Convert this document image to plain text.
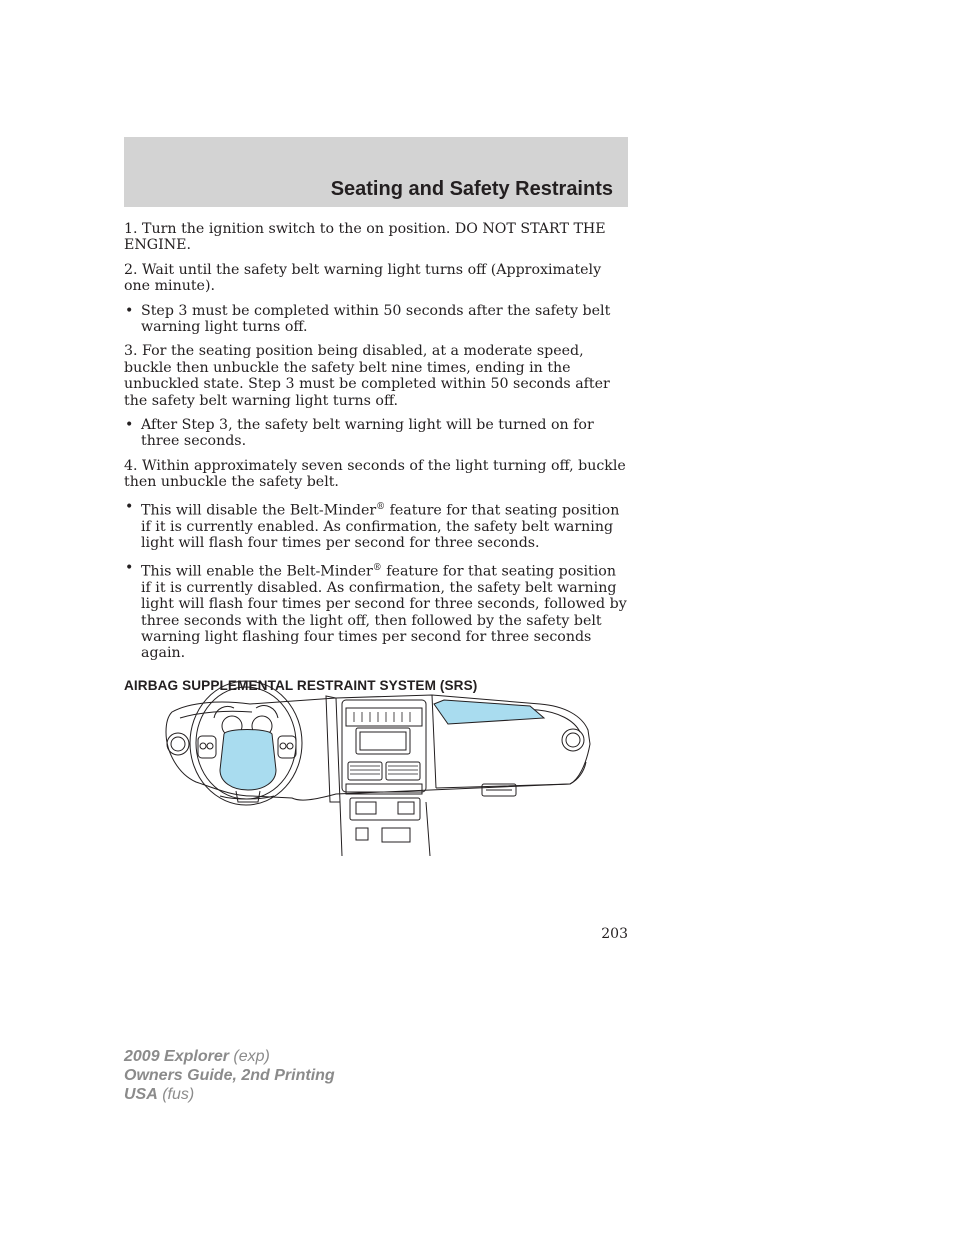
Seating and Safety Restraints

1. Turn the ignition switch to the on position. DO NOT START THE ENGINE.

2. Wait until the safety belt warning light turns off (Approximately one minute).

• Step 3 must be completed within 50 seconds after the safety belt warning light turns off.

3. For the seating position being disabled, at a moderate speed, buckle then unbuckle the safety belt nine times, ending in the unbuckled state. Step 3 must be completed within 50 seconds after the safety belt warning light turns off.

• After Step 3, the safety belt warning light will be turned on for three seconds.

4. Within approximately seven seconds of the light turning off, buckle then unbuckle the safety belt.

• This will disable the Belt-Minder® feature for that seating position if it is currently enabled. As confirmation, the safety belt warning light will flash four times per second for three seconds.
• This will enable the Belt-Minder® feature for that seating position if it is currently disabled. As confirmation, the safety belt warning light will flash four times per second for three seconds, followed by three seconds with the light off, then followed by the safety belt warning light flashing four times per second for three seconds again.
AIRBAG SUPPLEMENTAL RESTRAINT SYSTEM (SRS)
203
2009 Explorer (exp)
Owners Guide, 2nd Printing
USA (fus)
